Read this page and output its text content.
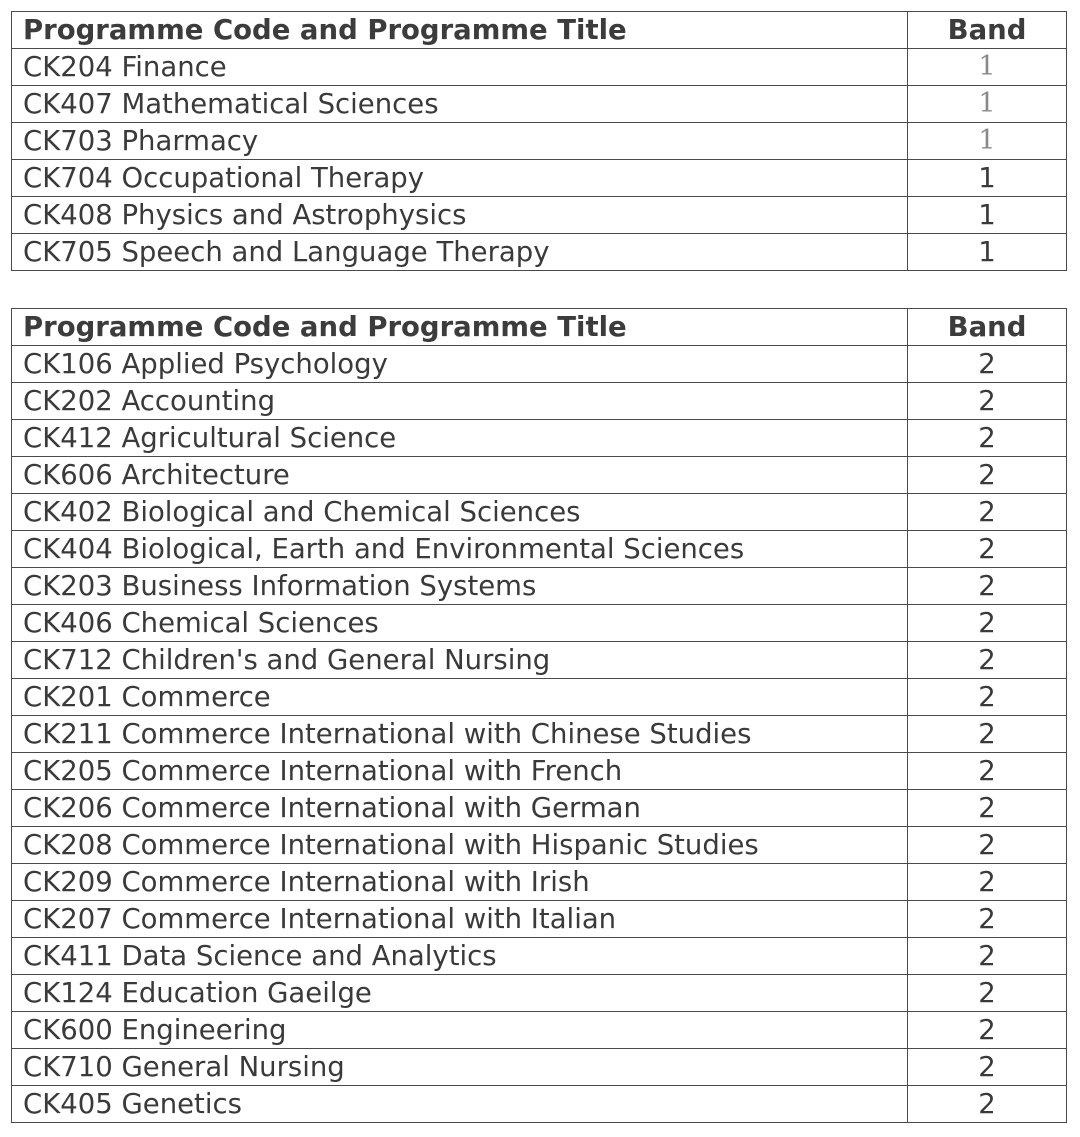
Programme Code and Programme Title	Band
CK204 Finance	1
CK407 Mathematical Sciences	1
CK703 Pharmacy	1
CK704 Occupational Therapy	1
CK408 Physics and Astrophysics	1
CK705 Speech and Language Therapy	1
Programme Code and Programme Title	Band
CK106 Applied Psychology	2
CK202 Accounting	2
CK412 Agricultural Science	2
CK606 Architecture	2
CK402 Biological and Chemical Sciences	2
CK404 Biological, Earth and Environmental Sciences	2
CK203 Business Information Systems	2
CK406 Chemical Sciences	2
CK712 Children's and General Nursing	2
CK201 Commerce	2
CK211 Commerce International with Chinese Studies	2
CK205 Commerce International with French	2
CK206 Commerce International with German	2
CK208 Commerce International with Hispanic Studies	2
CK209 Commerce International with Irish	2
CK207 Commerce International with Italian	2
CK411 Data Science and Analytics	2
CK124 Education Gaeilge	2
CK600 Engineering	2
CK710 General Nursing	2
CK405 Genetics	2
